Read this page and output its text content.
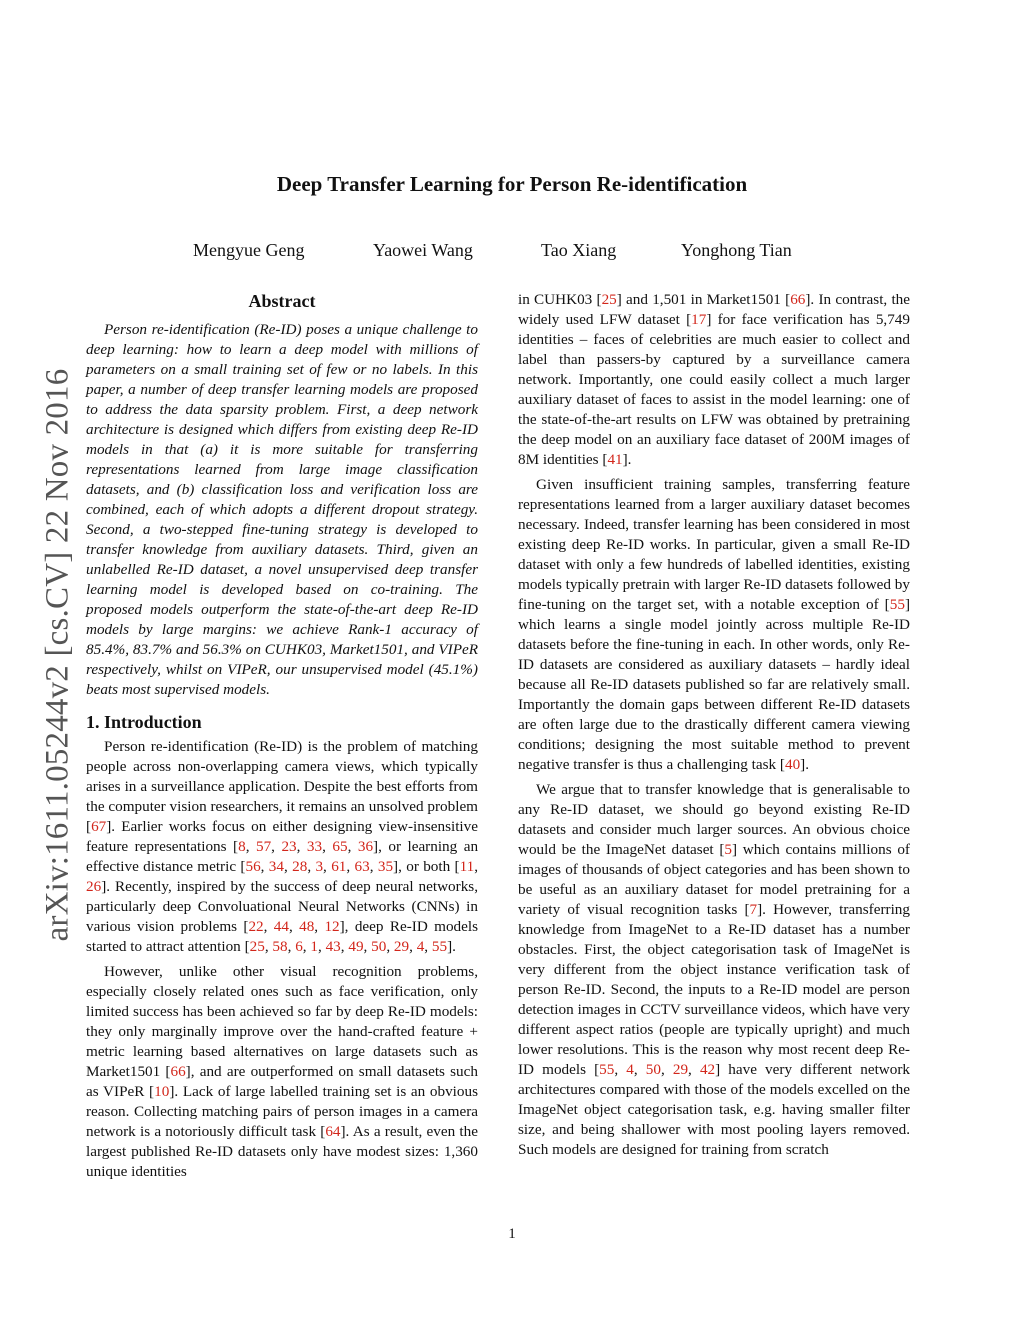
arXiv:1611.05244v2 [cs.CV] 22 Nov 2016
Deep Transfer Learning for Person Re-identification
Mengyue Geng	Yaowei Wang	Tao Xiang	Yonghong Tian
Abstract

Person re-identification (Re-ID) poses a unique challenge to deep learning: how to learn a deep model with millions of parameters on a small training set of few or no labels. In this paper, a number of deep transfer learning models are proposed to address the data sparsity problem. First, a deep network architecture is designed which differs from existing deep Re-ID models in that (a) it is more suitable for transferring representations learned from large image classification datasets, and (b) classification loss and verification loss are combined, each of which adopts a different dropout strategy. Second, a two-stepped fine-tuning strategy is developed to transfer knowledge from auxiliary datasets. Third, given an unlabelled Re-ID dataset, a novel unsupervised deep transfer learning model is developed based on co-training. The proposed models outperform the state-of-the-art deep Re-ID models by large margins: we achieve Rank-1 accuracy of 85.4%, 83.7% and 56.3% on CUHK03, Market1501, and VIPeR respectively, whilst on VIPeR, our unsupervised model (45.1%) beats most supervised models.

1. Introduction

Person re-identification (Re-ID) is the problem of matching people across non-overlapping camera views, which typically arises in a surveillance application. Despite the best efforts from the computer vision researchers, it remains an unsolved problem [67]. Earlier works focus on either designing view-insensitive feature representations [8, 57, 23, 33, 65, 36], or learning an effective distance metric [56, 34, 28, 3, 61, 63, 35], or both [11, 26]. Recently, inspired by the success of deep neural networks, particularly deep Convoluational Neural Networks (CNNs) in various vision problems [22, 44, 48, 12], deep Re-ID models started to attract attention [25, 58, 6, 1, 43, 49, 50, 29, 4, 55].

However, unlike other visual recognition problems, especially closely related ones such as face verification, only limited success has been achieved so far by deep Re-ID models: they only marginally improve over the hand-crafted feature + metric learning based alternatives on large datasets such as Market1501 [66], and are outperformed on small datasets such as VIPeR [10]. Lack of large labelled training set is an obvious reason. Collecting matching pairs of person images in a camera network is a notoriously difficult task [64]. As a result, even the largest published Re-ID datasets only have modest sizes: 1,360 unique identities

in CUHK03 [25] and 1,501 in Market1501 [66]. In contrast, the widely used LFW dataset [17] for face verification has 5,749 identities – faces of celebrities are much easier to collect and label than passers-by captured by a surveillance camera network. Importantly, one could easily collect a much larger auxiliary dataset of faces to assist in the model learning: one of the state-of-the-art results on LFW was obtained by pretraining the deep model on an auxiliary face dataset of 200M images of 8M identities [41].

Given insufficient training samples, transferring feature representations learned from a larger auxiliary dataset becomes necessary. Indeed, transfer learning has been considered in most existing deep Re-ID works. In particular, given a small Re-ID dataset with only a few hundreds of labelled identities, existing models typically pretrain with larger Re-ID datasets followed by fine-tuning on the target set, with a notable exception of [55] which learns a single model jointly across multiple Re-ID datasets before the fine-tuning in each. In other words, only Re-ID datasets are considered as auxiliary datasets – hardly ideal because all Re-ID datasets published so far are relatively small. Importantly the domain gaps between different Re-ID datasets are often large due to the drastically different camera viewing conditions; designing the most suitable method to prevent negative transfer is thus a challenging task [40].

We argue that to transfer knowledge that is generalisable to any Re-ID dataset, we should go beyond existing Re-ID datasets and consider much larger sources. An obvious choice would be the ImageNet dataset [5] which contains millions of images of thousands of object categories and has been shown to be useful as an auxiliary dataset for model pretraining for a variety of visual recognition tasks [7]. However, transferring knowledge from ImageNet to a Re-ID dataset has a number obstacles. First, the object categorisation task of ImageNet is very different from the object instance verification task of person Re-ID. Second, the inputs to a Re-ID model are person detection images in CCTV surveillance videos, which have very different aspect ratios (people are typically upright) and much lower resolutions. This is the reason why most recent deep Re-ID models [55, 4, 50, 29, 42] have very different network architectures compared with those of the models excelled on the ImageNet object categorisation task, e.g. having smaller filter size, and being shallower with most pooling layers removed. Such models are designed for training from scratch

1
